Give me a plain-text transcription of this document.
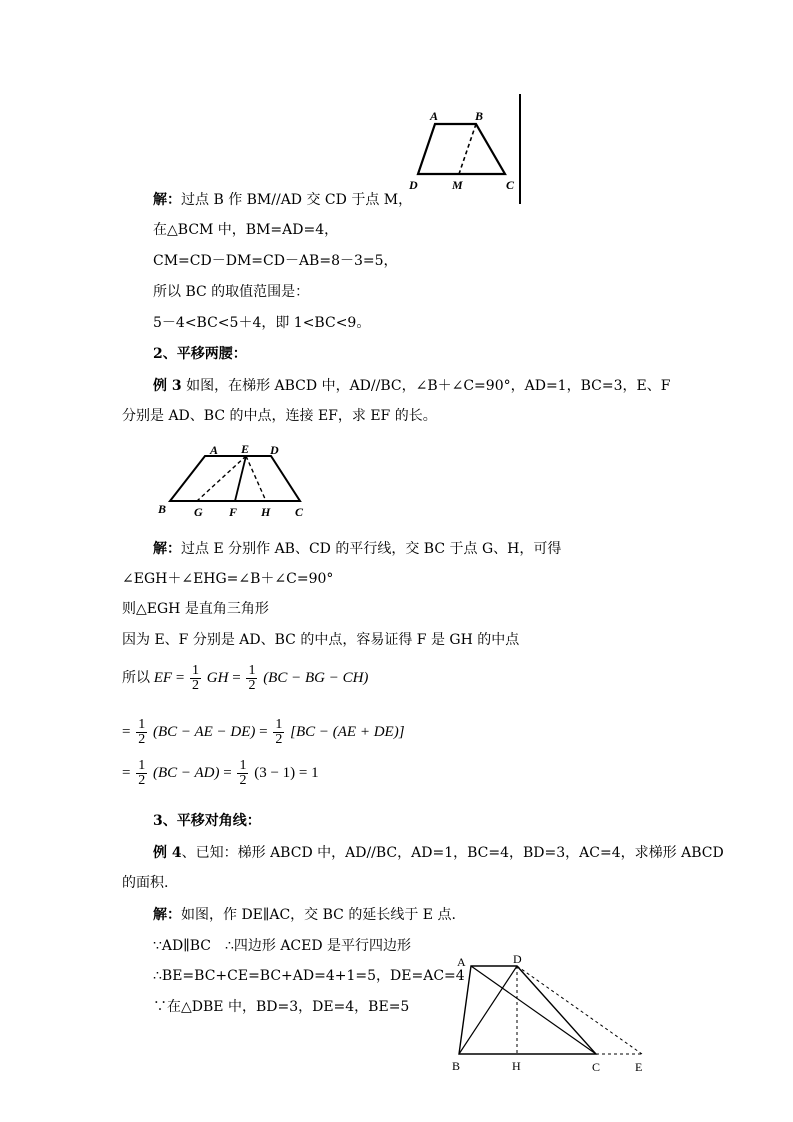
A	B
D	M	C
解：过点 B 作 BM//AD 交 CD 于点 M，
在△BCM 中，BM=AD=4，
CM=CD－DM=CD－AB=8－3=5，
所以 BC 的取值范围是：
5－4<BC<5＋4，即 1<BC<9。
2、平移两腰：
例 3 如图，在梯形 ABCD 中，AD//BC，∠B＋∠C=90°，AD=1，BC=3，E、F
分别是 AD、BC 的中点，连接 EF，求 EF 的长。
A E D
B G F H C
解：过点 E 分别作 AB、CD 的平行线，交 BC 于点 G、H，可得
∠EGH＋∠EHG=∠B＋∠C=90°
则△EGH 是直角三角形
因为 E、F 分别是 AD、BC 的中点，容易证得 F 是 GH 的中点
所以 EF = $\frac{1}{2}$ GH = $\frac{1}{2} (BC$ − BG − CH)
= $\frac{1}{2} (BC$ − AE − $DE) = \frac{1}{2} [BC - (AE + DE)]$
= $\frac{1}{2} (BC - AD) = \frac{1}{2} (3 - 1) = 1$
3、平移对角线：
例 4、已知：梯形 ABCD 中，AD//BC，AD=1，BC=4，BD=3，AC=4，求梯形 ABCD
的面积.
解：如图，作 DE∥AC，交 BC 的延长线于 E 点.
∵AD∥BC　∴四边形 ACED 是平行四边形
∴BE=BC+CE=BC+AD=4+1=5，DE=AC=4
∵在△DBE 中，BD=3，DE=4，BE=5
A	D
B	H	C	E
